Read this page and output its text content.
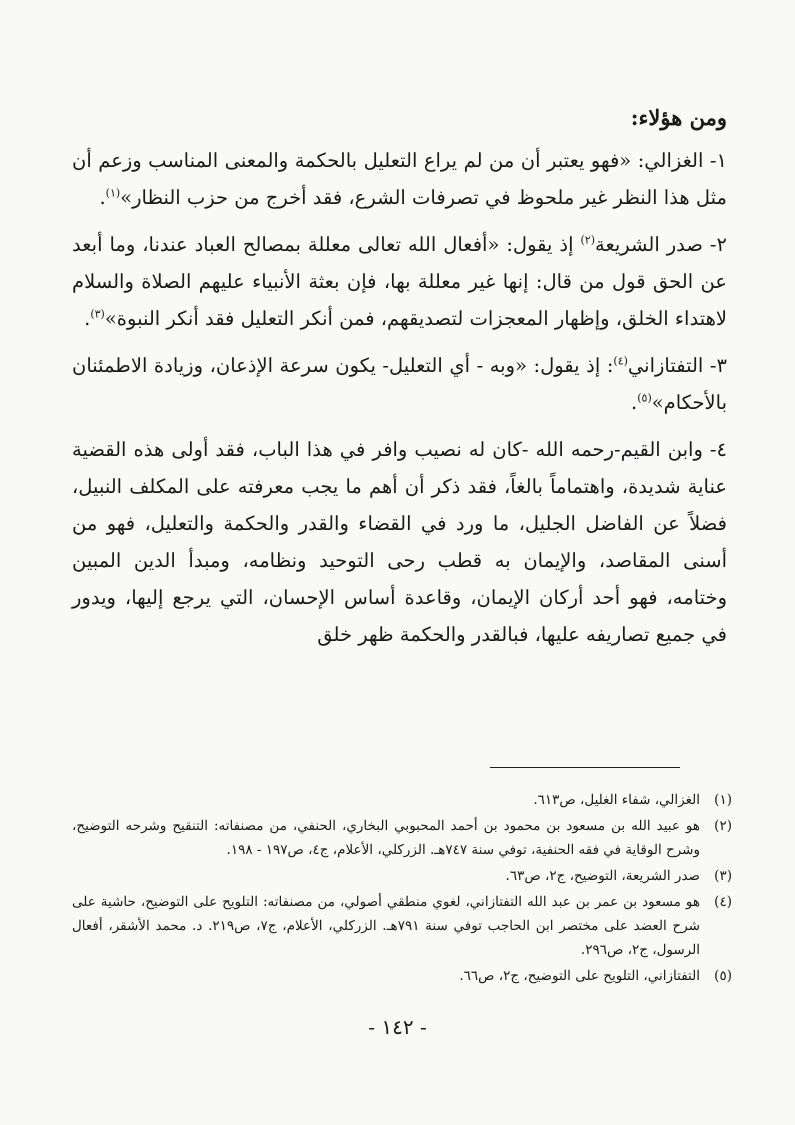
ومن هؤلاء:

١- الغزالي: «فهو يعتبر أن من لم يراع التعليل بالحكمة والمعنى المناسب وزعم أن مثل هذا النظر غير ملحوظ في تصرفات الشرع، فقد أخرج من حزب النظار»$^{(١)}$.

٢- صدر الشريعة$^{(٢)}$ إذ يقول: «أفعال الله تعالى معللة بمصالح العباد عندنا، وما أبعد عن الحق قول من قال: إنها غير معللة بها، فإن بعثة الأنبياء عليهم الصلاة والسلام لاهتداء الخلق، وإظهار المعجزات لتصديقهم، فمن أنكر التعليل فقد أنكر النبوة»$^{(٣)}$.

٣- التفتازاني$^{(٤)}$: إذ يقول: «وبه - أي التعليل- يكون سرعة الإذعان، وزيادة الاطمئنان بالأحكام»$^{(٥)}$.

٤- وابن القيم-رحمه الله -كان له نصيب وافر في هذا الباب، فقد أولى هذه القضية عناية شديدة، واهتماماً بالغاً، فقد ذكر أن أهم ما يجب معرفته على المكلف النبيل، فضلاً عن الفاضل الجليل، ما ورد في القضاء والقدر والحكمة والتعليل، فهو من أسنى المقاصد، والإيمان به قطب رحى التوحيد ونظامه، ومبدأ الدين المبين وختامه، فهو أحد أركان الإيمان، وقاعدة أساس الإحسان، التي يرجع إليها، ويدور في جميع تصاريفه عليها، فبالقدر والحكمة ظهر خلق

(١)
الغزالي، شفاء الغليل، ص٦١٣.
(٢)
هو عبيد الله بن مسعود بن محمود بن أحمد المحبوبي البخاري، الحنفي، من مصنفاته: التنقيح وشرحه التوضيح، وشرح الوقاية في فقه الحنفية، توفي سنة ٧٤٧هـ. الزركلي، الأعلام، ج٤، ص١٩٧ - ١٩٨.
(٣)
صدر الشريعة، التوضيح، ج٢، ص٦٣.
(٤)
هو مسعود بن عمر بن عبد الله التفتازاني، لغوي منطقي أصولي، من مصنفاته: التلويح على التوضيح، حاشية على شرح العضد على مختصر ابن الحاجب توفي سنة ٧٩١هـ. الزركلي، الأعلام، ج٧، ص٢١٩. د. محمد الأشقر، أفعال الرسول، ج٢، ص٢٩٦.
(٥)
التفتازاني، التلويح على التوضيح، ج٢، ص٦٦.
- ١٤٢ -
